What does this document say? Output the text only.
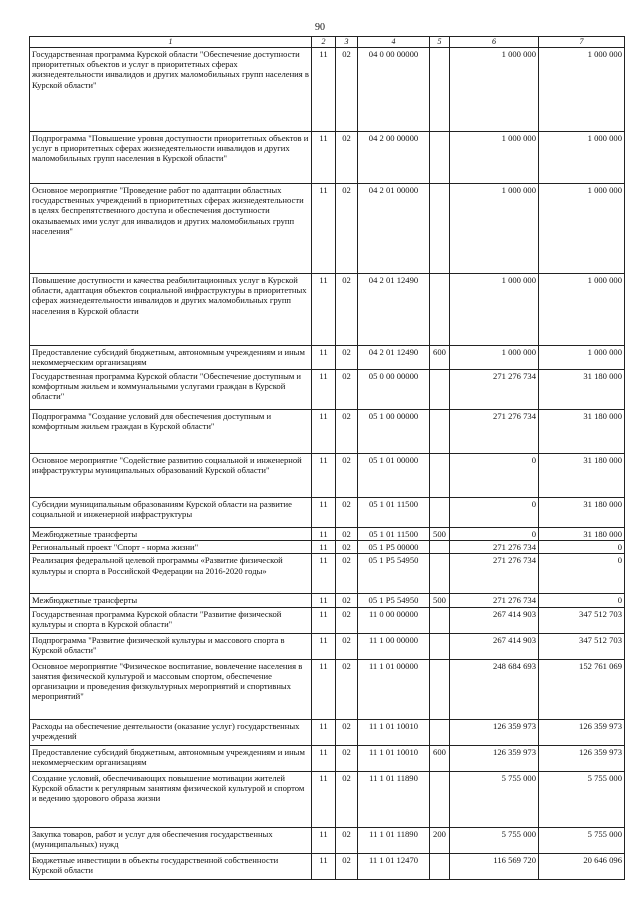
90
1	2	3	4	5	6	7
Государственная программа Курской области "Обеспечение доступности приоритетных объектов и услуг в приоритетных сферах жизнедеятельности инвалидов и других маломобильных групп населения в Курской области"	11	02	04 0 00 00000		1 000 000	1 000 000
Подпрограмма "Повышение уровня доступности приоритетных объектов и услуг в приоритетных сферах жизнедеятельности инвалидов и других маломобильных групп населения в Курской области"	11	02	04 2 00 00000		1 000 000	1 000 000
Основное мероприятие "Проведение работ по адаптации областных государственных учреждений в приоритетных сферах жизнедеятельности в целях беспрепятственного доступа и обеспечения доступности оказываемых ими услуг для инвалидов и других маломобильных групп населения"	11	02	04 2 01 00000		1 000 000	1 000 000
Повышение доступности и качества реабилитационных услуг в Курской области, адаптация объектов социальной инфраструктуры в приоритетных сферах жизнедеятельности инвалидов и других маломобильных групп населения в Курской области	11	02	04 2 01 12490		1 000 000	1 000 000
Предоставление субсидий бюджетным, автономным учреждениям и иным некоммерческим организациям	11	02	04 2 01 12490	600	1 000 000	1 000 000
Государственная программа Курской области "Обеспечение доступным и комфортным жильем и коммунальными услугами граждан в Курской области"	11	02	05 0 00 00000		271 276 734	31 180 000
Подпрограмма "Создание условий для обеспечения доступным и комфортным жильем граждан в Курской области"	11	02	05 1 00 00000		271 276 734	31 180 000
Основное мероприятие "Содействие развитию социальной и инженерной инфраструктуры муниципальных образований Курской области"	11	02	05 1 01 00000		0	31 180 000
Субсидии муниципальным образованиям Курской области на развитие социальной и инженерной инфраструктуры	11	02	05 1 01 11500		0	31 180 000
Межбюджетные трансферты	11	02	05 1 01 11500	500	0	31 180 000
Региональный проект "Спорт - норма жизни"	11	02	05 1 P5 00000		271 276 734	0
Реализация федеральной целевой программы «Развитие физической культуры и спорта в Российской Федерации на 2016-2020 годы»	11	02	05 1 P5 54950		271 276 734	0
Межбюджетные трансферты	11	02	05 1 P5 54950	500	271 276 734	0
Государственная программа Курской области "Развитие физической культуры и спорта в Курской области"	11	02	11 0 00 00000		267 414 903	347 512 703
Подпрограмма "Развитие физической культуры и массового спорта в Курской области"	11	02	11 1 00 00000		267 414 903	347 512 703
Основное мероприятие "Физическое воспитание, вовлечение населения в занятия физической культурой и массовым спортом, обеспечение организации и проведения физкультурных мероприятий и спортивных мероприятий"	11	02	11 1 01 00000		248 684 693	152 761 069
Расходы на обеспечение деятельности (оказание услуг) государственных учреждений	11	02	11 1 01 10010		126 359 973	126 359 973
Предоставление субсидий бюджетным, автономным учреждениям и иным некоммерческим организациям	11	02	11 1 01 10010	600	126 359 973	126 359 973
Создание условий, обеспечивающих повышение мотивации жителей Курской области к регулярным занятиям физической культурой и спортом и ведению здорового образа жизни	11	02	11 1 01 11890		5 755 000	5 755 000
Закупка товаров, работ и услуг для обеспечения государственных (муниципальных) нужд	11	02	11 1 01 11890	200	5 755 000	5 755 000
Бюджетные инвестиции в объекты государственной собственности Курской области	11	02	11 1 01 12470		116 569 720	20 646 096
